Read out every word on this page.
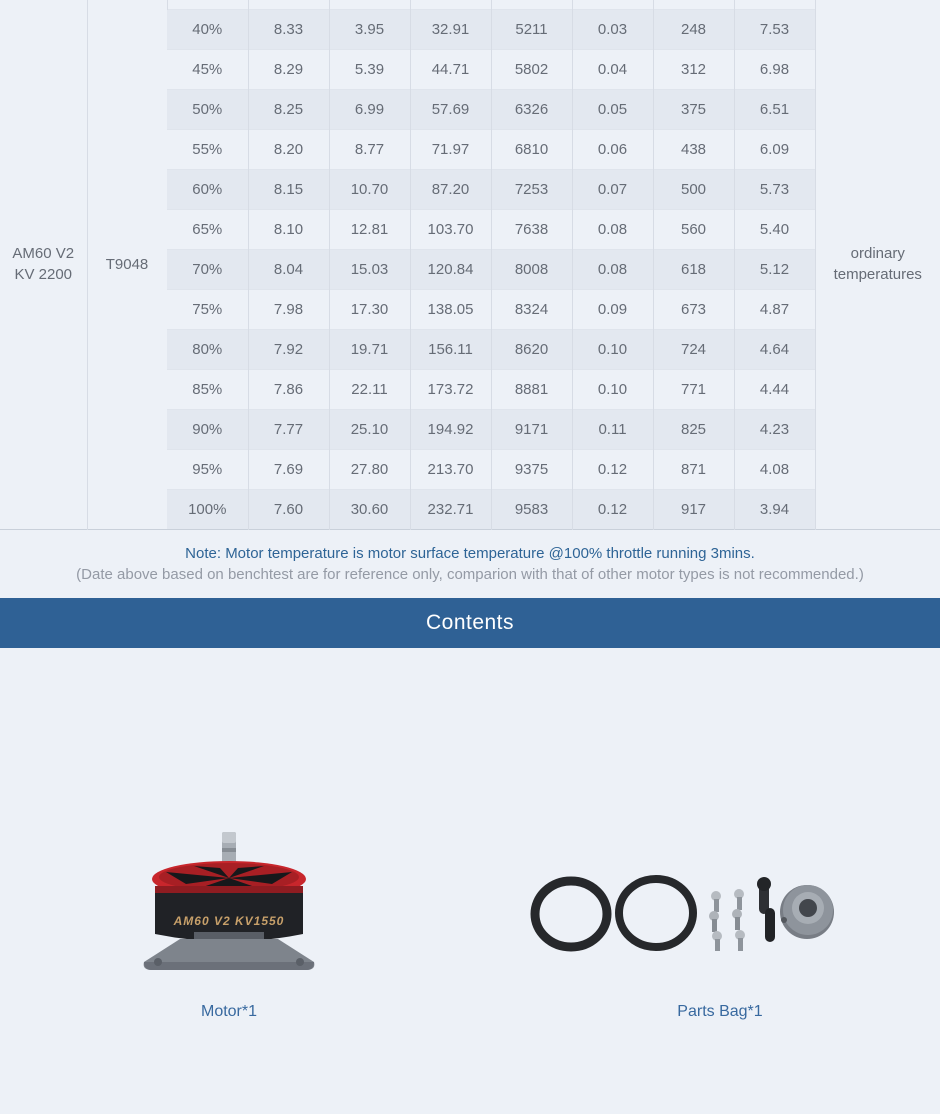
AM60 V2
KV 2200	T9048									ordinary temperatures
		40%	8.33	3.95	32.91	5211	0.03	248	7.53	
		45%	8.29	5.39	44.71	5802	0.04	312	6.98	
		50%	8.25	6.99	57.69	6326	0.05	375	6.51	
		55%	8.20	8.77	71.97	6810	0.06	438	6.09	
		60%	8.15	10.70	87.20	7253	0.07	500	5.73	
		65%	8.10	12.81	103.70	7638	0.08	560	5.40	
		70%	8.04	15.03	120.84	8008	0.08	618	5.12	
		75%	7.98	17.30	138.05	8324	0.09	673	4.87	
		80%	7.92	19.71	156.11	8620	0.10	724	4.64	
		85%	7.86	22.11	173.72	8881	0.10	771	4.44	
		90%	7.77	25.10	194.92	9171	0.11	825	4.23	
		95%	7.69	27.80	213.70	9375	0.12	871	4.08	
		100%	7.60	30.60	232.71	9583	0.12	917	3.94	
Note: Motor temperature is motor surface temperature @100% throttle running 3mins.
(Date above based on benchtest are for reference only, comparion with that of other motor types is not recommended.)
Contents
AM60 V2 KV1550
Motor*1	Parts Bag*1
